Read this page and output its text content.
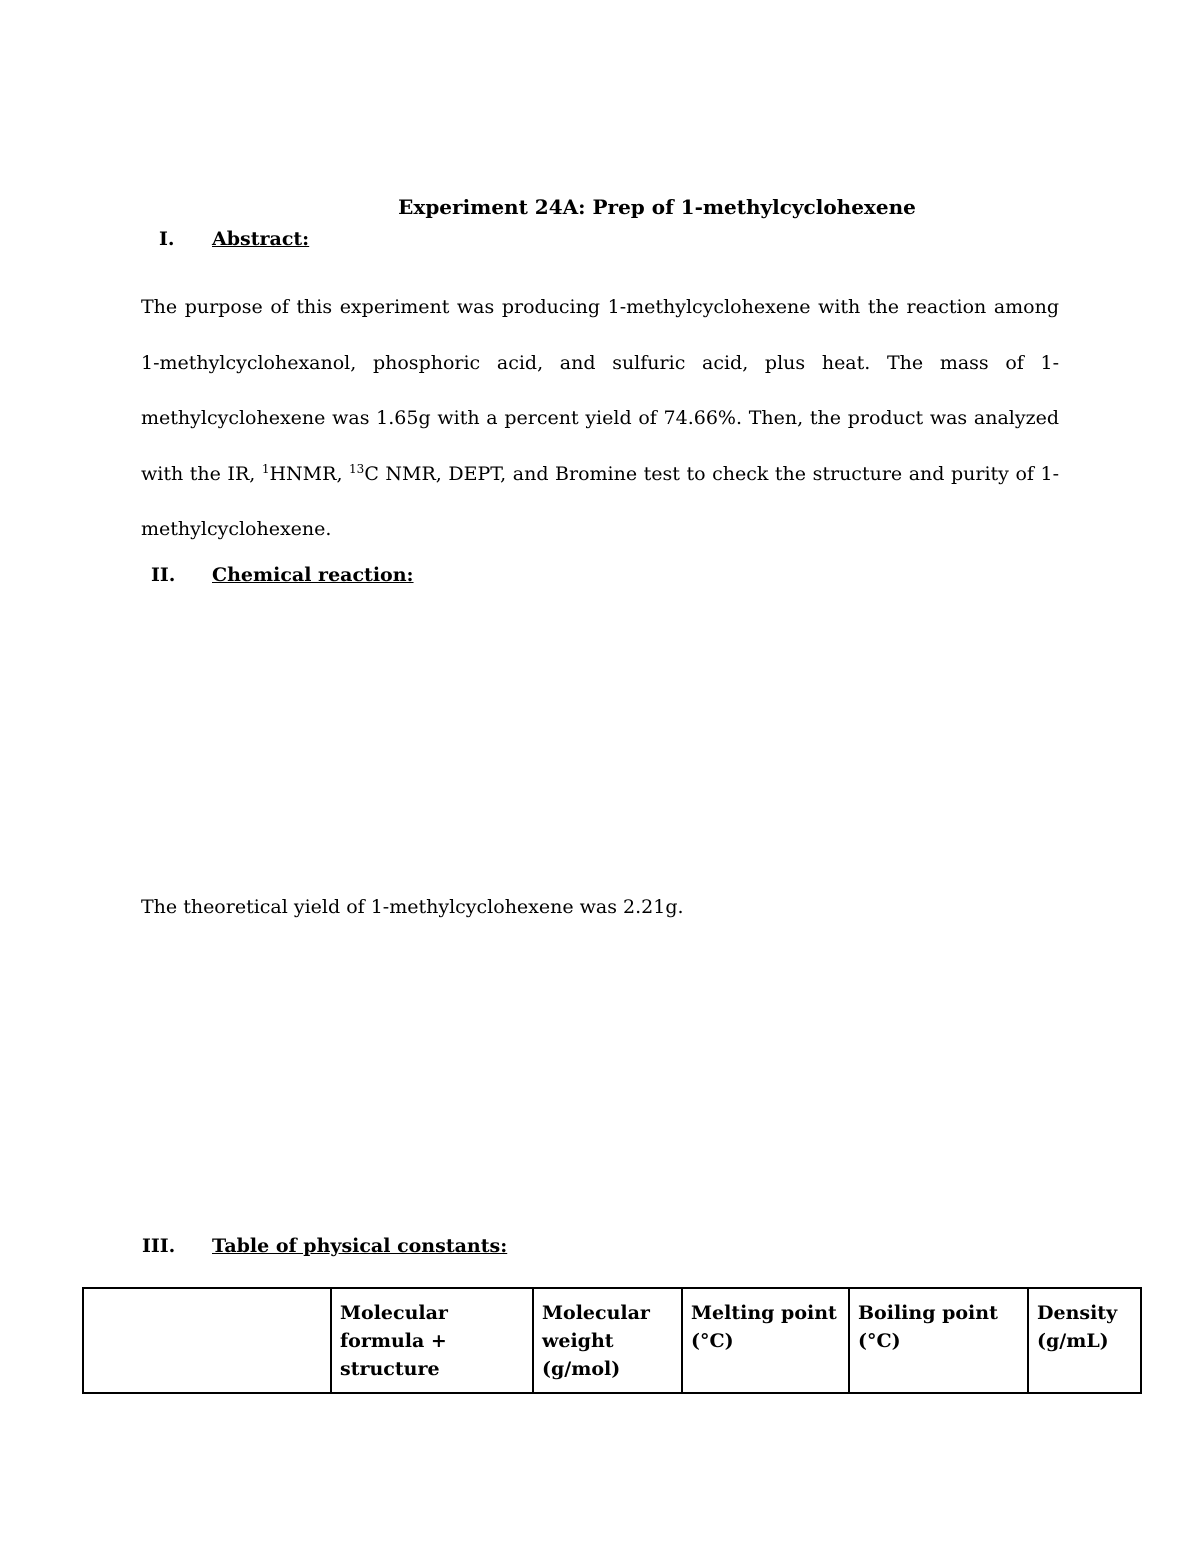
Experiment 24A: Prep of 1-methylcyclohexene
I. Abstract:
The purpose of this experiment was producing 1-methylcyclohexene with the reaction among 1-methylcyclohexanol, phosphoric acid, and sulfuric acid, plus heat. The mass of 1-methylcyclohexene was 1.65g with a percent yield of 74.66%. Then, the product was analyzed with the IR, $^1$HNMR, $^{13}$C NMR, DEPT, and Bromine test to check the structure and purity of 1-methylcyclohexene.
II. Chemical reaction:
The theoretical yield of 1-methylcyclohexene was 2.21g.
III. Table of physical constants:
	Molecular formula + structure	Molecular weight (g/mol)	Melting point (°C)	Boiling point (°C)	Density (g/mL)
